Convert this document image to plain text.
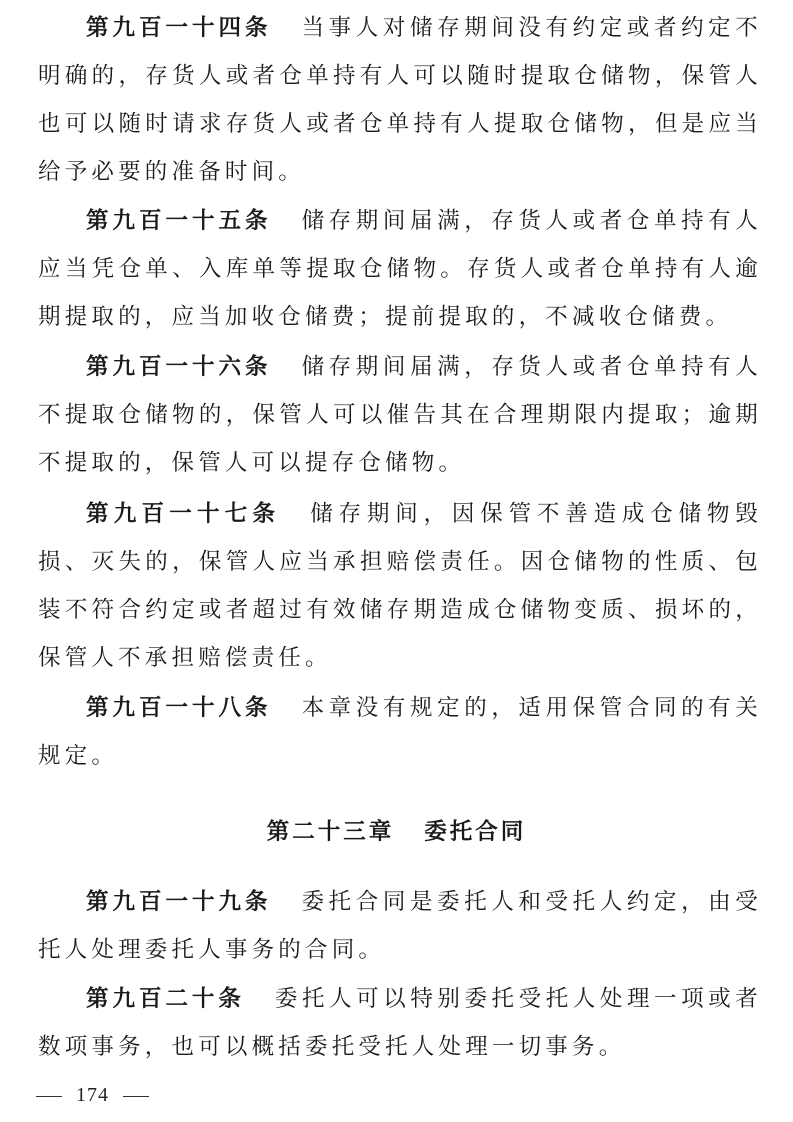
第九百一十四条 当事人对储存期间没有约定或者约定不明确的，存货人或者仓单持有人可以随时提取仓储物，保管人也可以随时请求存货人或者仓单持有人提取仓储物，但是应当给予必要的准备时间。

第九百一十五条 储存期间届满，存货人或者仓单持有人应当凭仓单、入库单等提取仓储物。存货人或者仓单持有人逾期提取的，应当加收仓储费；提前提取的，不减收仓储费。

第九百一十六条 储存期间届满，存货人或者仓单持有人不提取仓储物的，保管人可以催告其在合理期限内提取；逾期不提取的，保管人可以提存仓储物。

第九百一十七条 储存期间，因保管不善造成仓储物毁损、灭失的，保管人应当承担赔偿责任。因仓储物的性质、包装不符合约定或者超过有效储存期造成仓储物变质、损坏的，保管人不承担赔偿责任。

第九百一十八条 本章没有规定的，适用保管合同的有关规定。

第二十三章 委托合同

第九百一十九条 委托合同是委托人和受托人约定，由受托人处理委托人事务的合同。

第九百二十条 委托人可以特别委托受托人处理一项或者数项事务，也可以概括委托受托人处理一切事务。

174
